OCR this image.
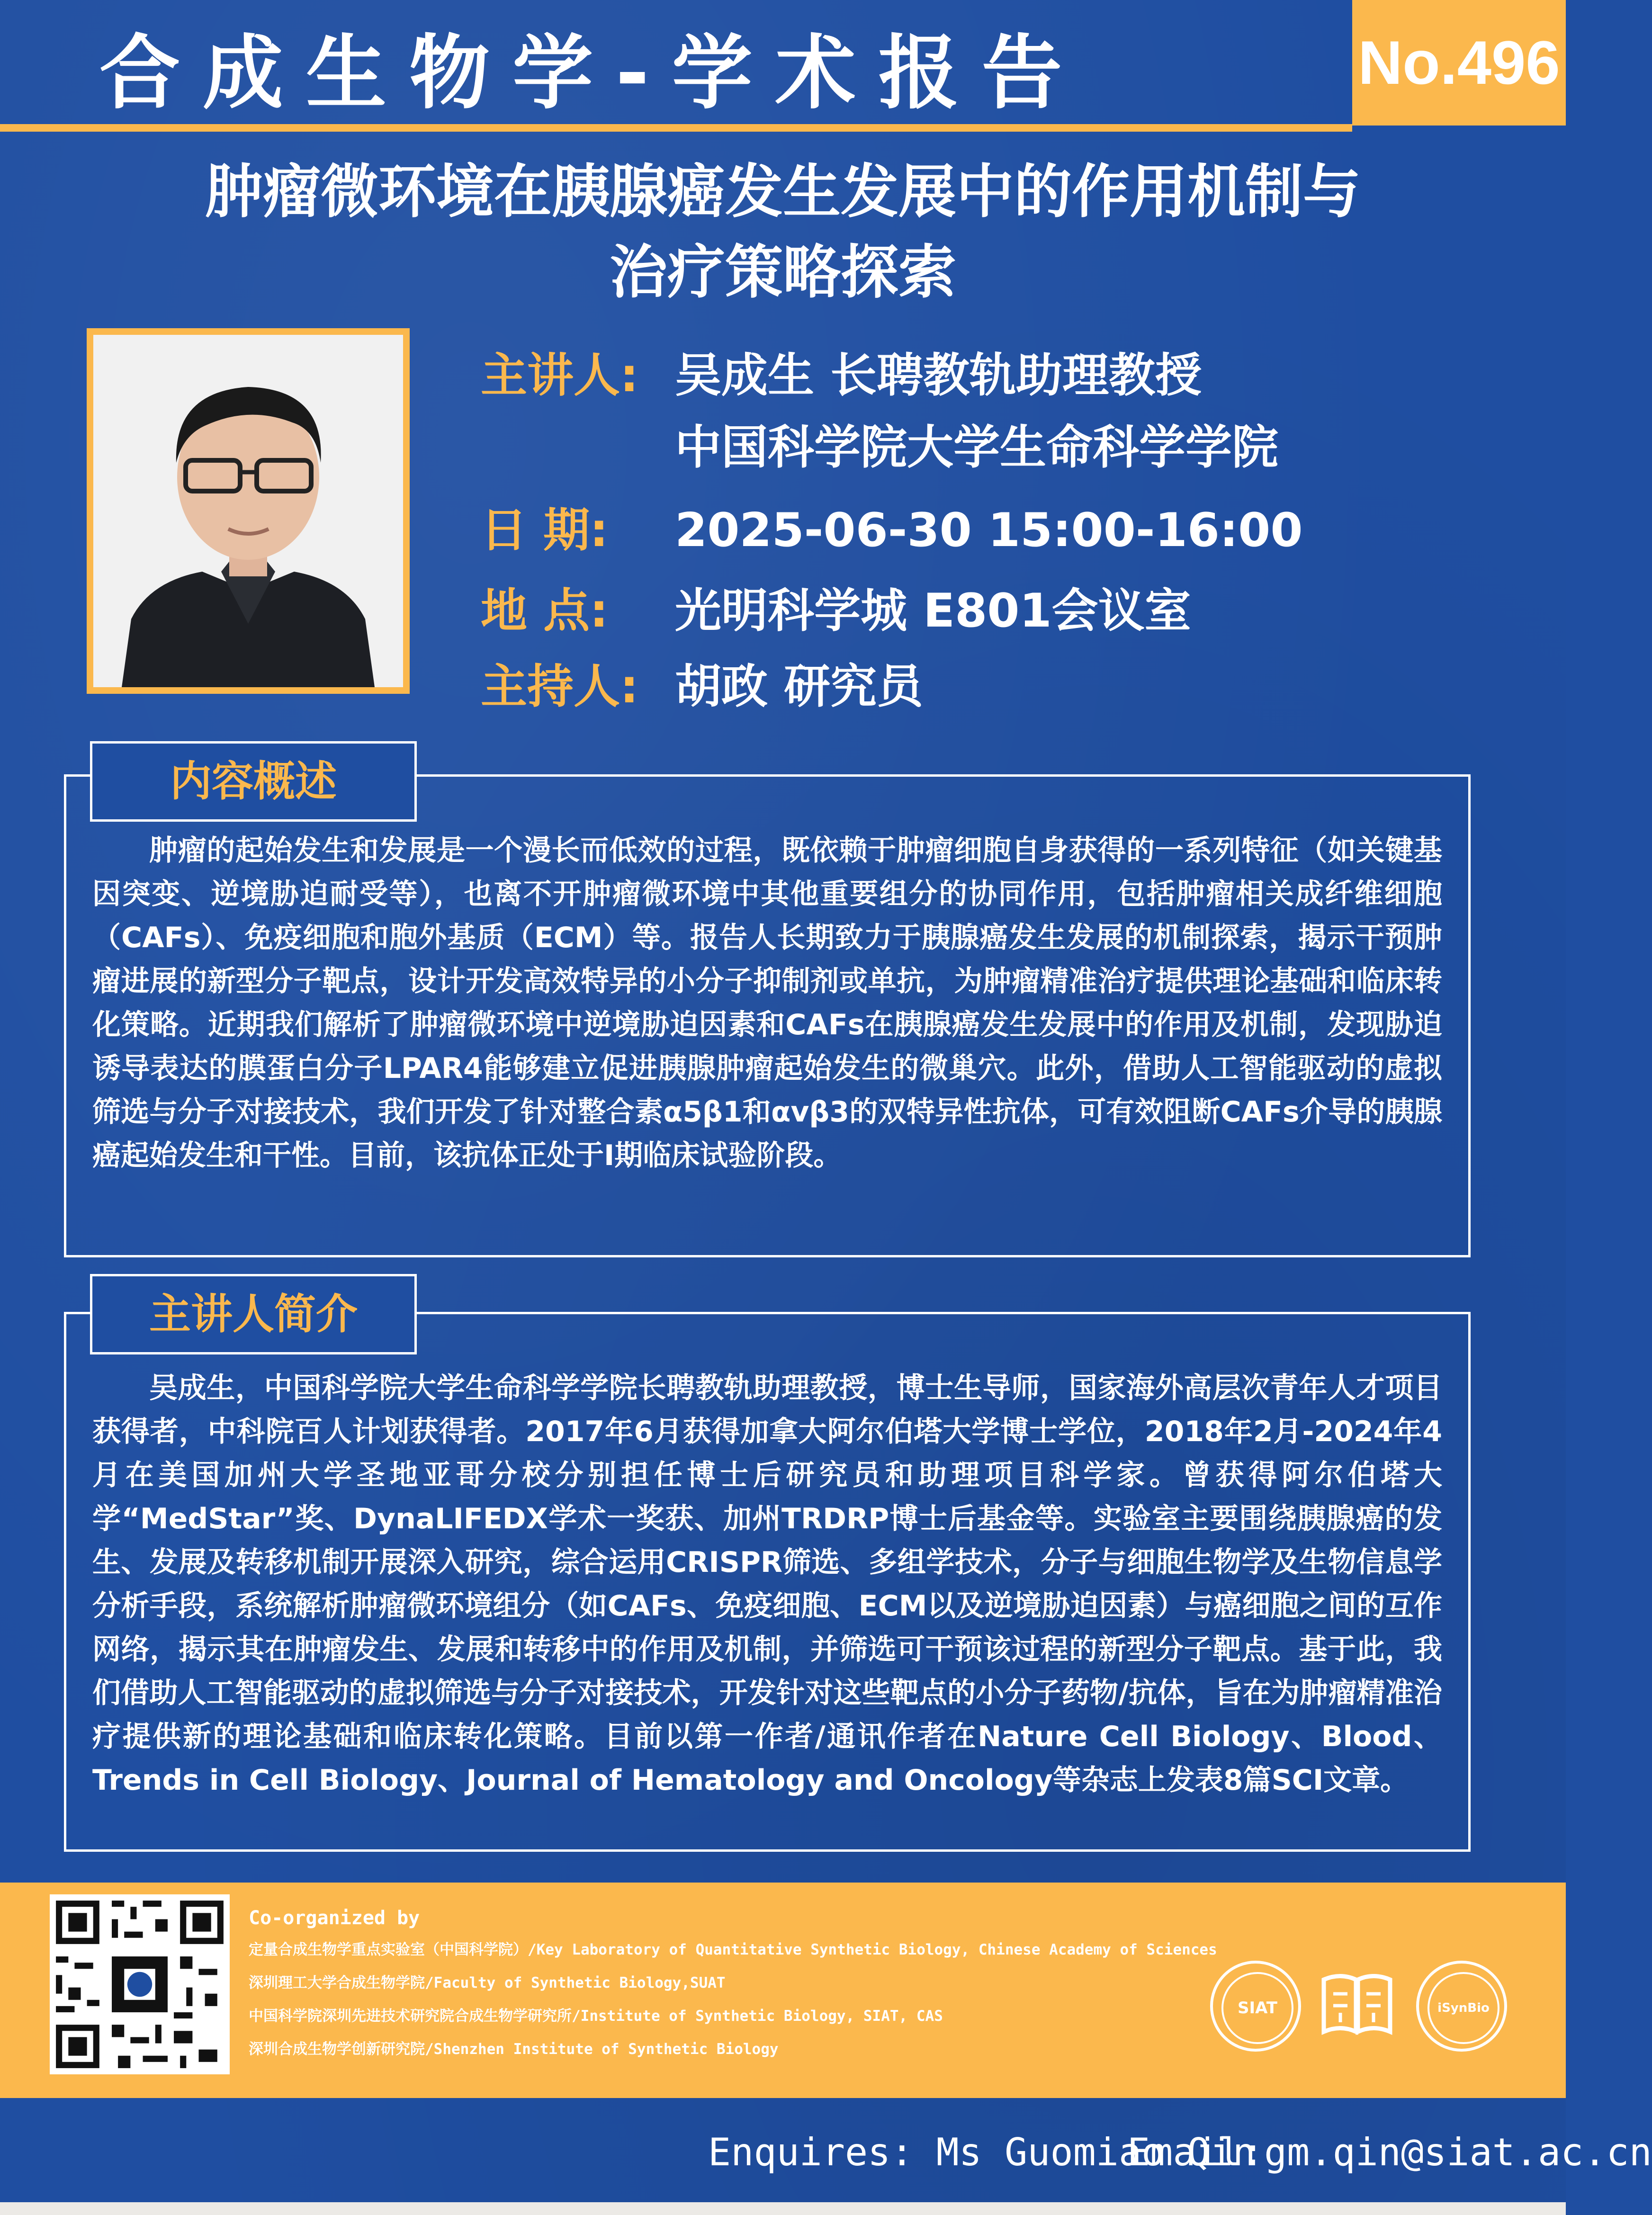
合成生物学-学术报告	No.496
肿瘤微环境在胰腺癌发生发展中的作用机制与
治疗策略探索
主讲人: 吴成生 长聘教轨助理教授
中国科学院大学生命科学学院
日 期:	2025-06-30 15:00-16:00
地 点:	光明科学城 E801会议室
主持人: 胡政 研究员
肿瘤的起始发生和发展是一个漫长而低效的过程，既依赖于肿瘤细胞自身获得的一系列特征（如关键基因突变、逆境胁迫耐受等），也离不开肿瘤微环境中其他重要组分的协同作用，包括肿瘤相关成纤维细胞（CAFs）、免疫细胞和胞外基质（ECM）等。报告人长期致力于胰腺癌发生发展的机制探索，揭示干预肿瘤进展的新型分子靶点，设计开发高效特异的小分子抑制剂或单抗，为肿瘤精准治疗提供理论基础和临床转化策略。近期我们解析了肿瘤微环境中逆境胁迫因素和CAFs在胰腺癌发生发展中的作用及机制，发现胁迫诱导表达的膜蛋白分子LPAR4能够建立促进胰腺肿瘤起始发生的微巢穴。此外，借助人工智能驱动的虚拟筛选与分子对接技术，我们开发了针对整合素α5β1和αvβ3的双特异性抗体，可有效阻断CAFs介导的胰腺癌起始发生和干性。目前，该抗体正处于I期临床试验阶段。
内容概述
吴成生，中国科学院大学生命科学学院长聘教轨助理教授，博士生导师，国家海外高层次青年人才项目获得者，中科院百人计划获得者。2017年6月获得加拿大阿尔伯塔大学博士学位，2018年2月-2024年4月在美国加州大学圣地亚哥分校分别担任博士后研究员和助理项目科学家。曾获得阿尔伯塔大学“MedStar”奖、DynaLIFEDX学术一奖获、加州TRDRP博士后基金等。实验室主要围绕胰腺癌的发生、发展及转移机制开展深入研究，综合运用CRISPR筛选、多组学技术，分子与细胞生物学及生物信息学分析手段，系统解析肿瘤微环境组分（如CAFs、免疫细胞、ECM以及逆境胁迫因素）与癌细胞之间的互作网络，揭示其在肿瘤发生、发展和转移中的作用及机制，并筛选可干预该过程的新型分子靶点。基于此，我们借助人工智能驱动的虚拟筛选与分子对接技术，开发针对这些靶点的小分子药物/抗体，旨在为肿瘤精准治疗提供新的理论基础和临床转化策略。目前以第一作者/通讯作者在Nature Cell Biology、Blood、Trends in Cell Biology、Journal of Hematology and Oncology等杂志上发表8篇SCI文章。
主讲人简介
Co-organized by
定量合成生物学重点实验室（中国科学院）/Key Laboratory of Quantitative Synthetic Biology, Chinese Academy of Sciences
深圳理工大学合成生物学院/Faculty of Synthetic Biology,SUAT
中国科学院深圳先进技术研究院合成生物学研究所/Institute of Synthetic Biology, SIAT, CAS
深圳合成生物学创新研究院/Shenzhen Institute of Synthetic Biology
SIAT	iSynBio
Enquires: Ms Guomiao Qin
Email:gm.qin@siat.ac.cn
